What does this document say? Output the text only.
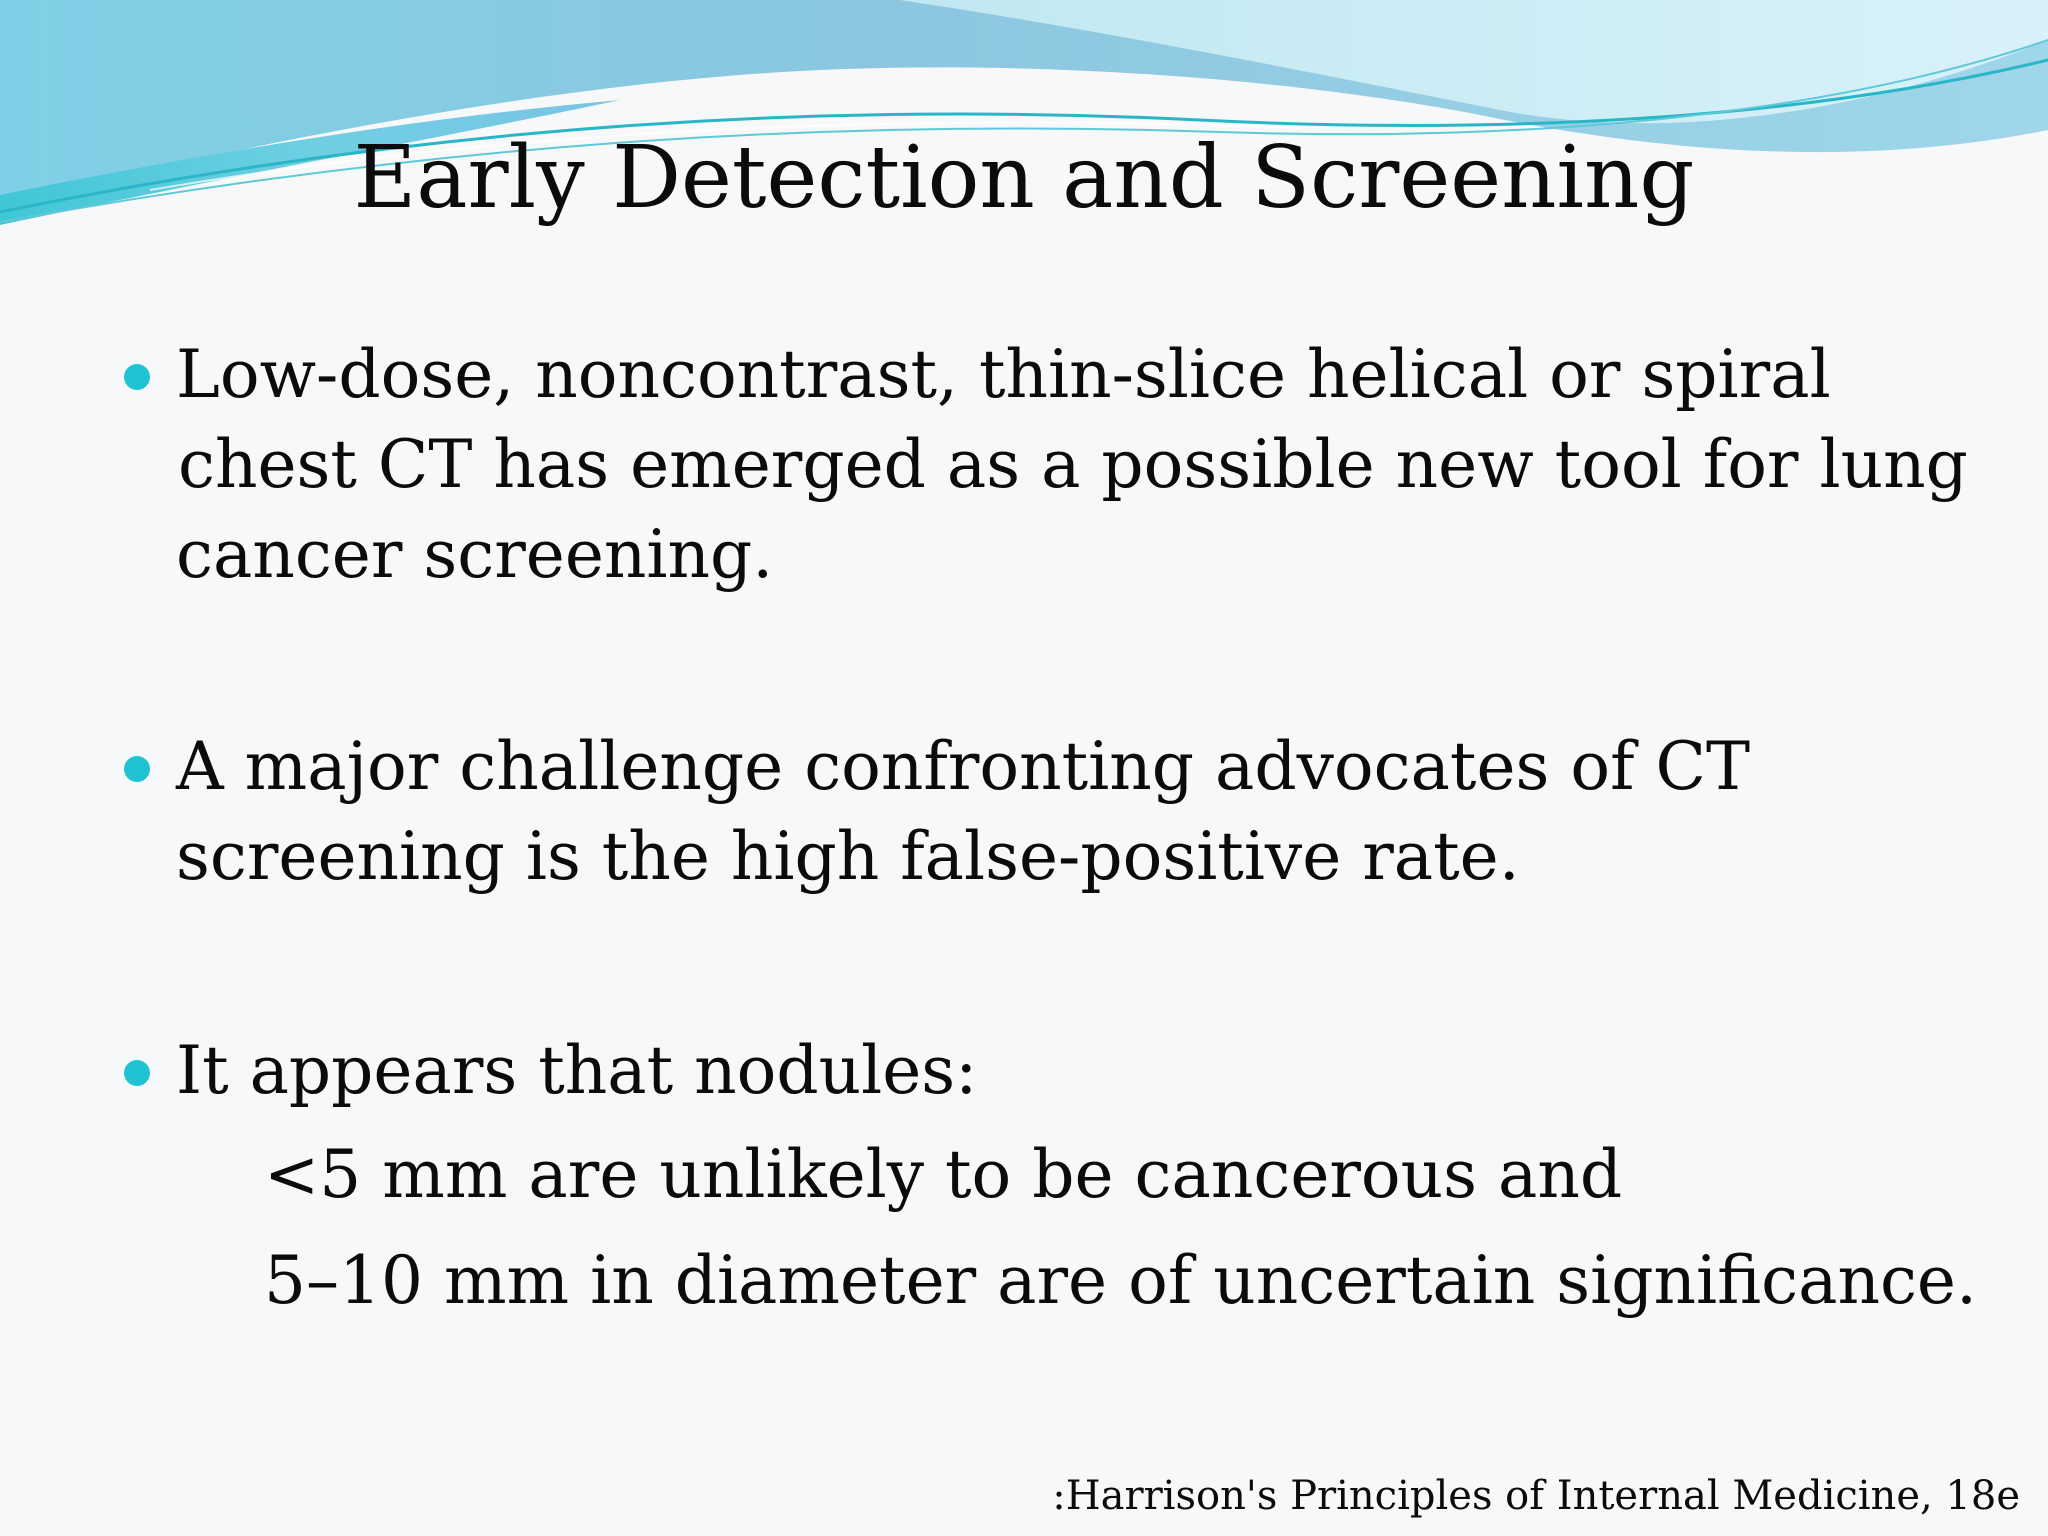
Early Detection and Screening
Low-dose, noncontrast, thin-slice helical or spiral
chest CT has emerged as a possible new tool for lung
cancer screening.
A major challenge confronting advocates of CT
screening is the high false-positive rate.
It appears that nodules:
<5 mm are unlikely to be cancerous and
5–10 mm in diameter are of uncertain significance.
:Harrison's Principles of Internal Medicine, 18e
